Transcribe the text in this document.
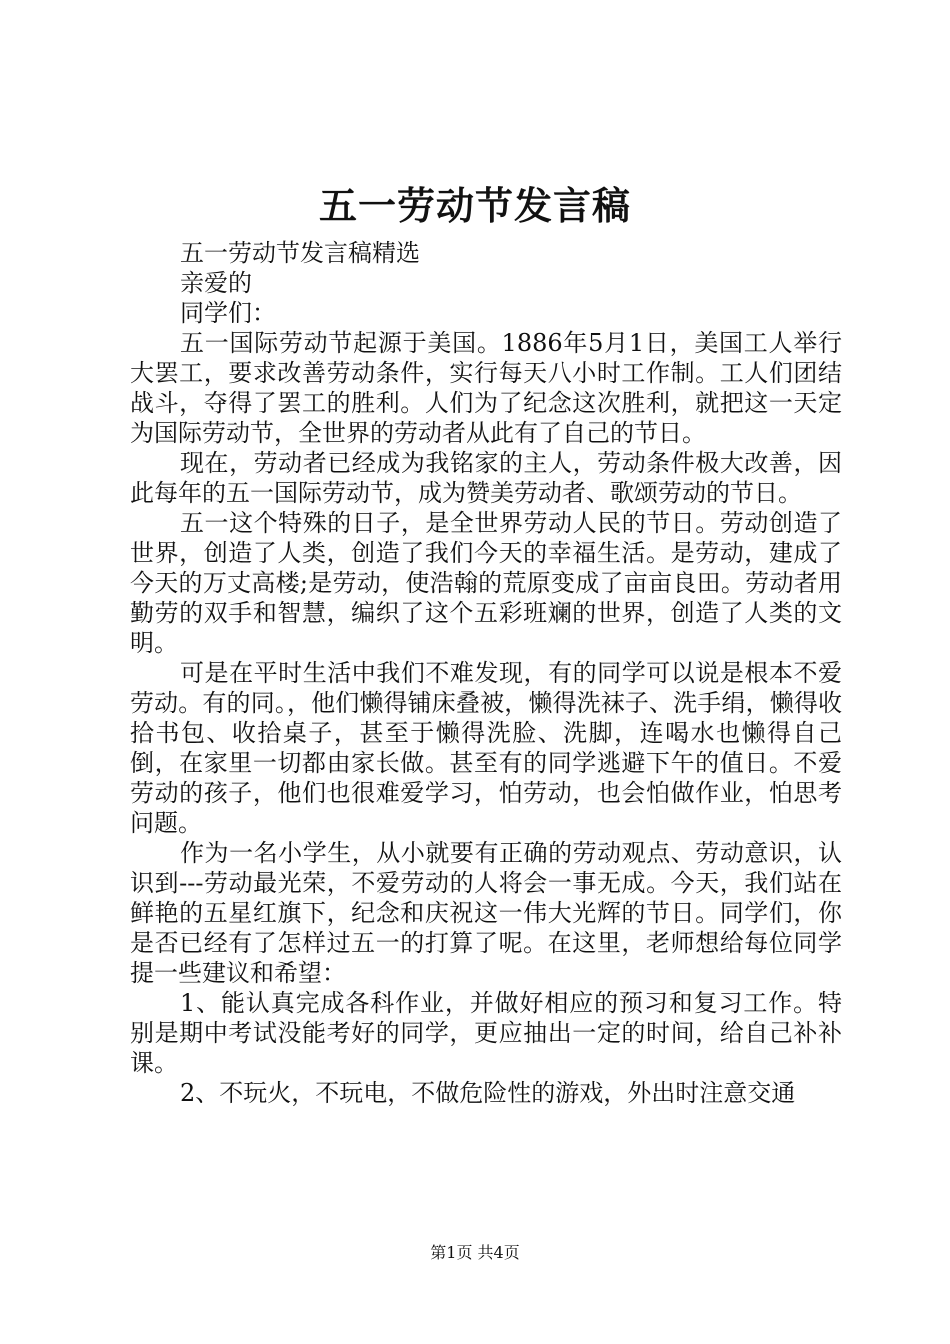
五一劳动节发言稿

五一劳动节发言稿精选

亲爱的

同学们：

五一国际劳动节起源于美国。1886年5月1日，美国工人举行大罢工，要求改善劳动条件，实行每天八小时工作制。工人们团结战斗，夺得了罢工的胜利。人们为了纪念这次胜利，就把这一天定为国际劳动节，全世界的劳动者从此有了自己的节日。

现在，劳动者已经成为我铭家的主人，劳动条件极大改善，因此每年的五一国际劳动节，成为赞美劳动者、歌颂劳动的节日。

五一这个特殊的日子，是全世界劳动人民的节日。劳动创造了世界，创造了人类，创造了我们今天的幸福生活。是劳动，建成了今天的万丈高楼;是劳动，使浩翰的荒原变成了亩亩良田。劳动者用勤劳的双手和智慧，编织了这个五彩班斓的世界，创造了人类的文明。

可是在平时生活中我们不难发现，有的同学可以说是根本不爱劳动。有的同。，他们懒得铺床叠被，懒得洗袜子、洗手绢，懒得收拾书包、收拾桌子，甚至于懒得洗脸、洗脚，连喝水也懒得自己倒，在家里一切都由家长做。甚至有的同学逃避下午的值日。不爱劳动的孩子，他们也很难爱学习，怕劳动，也会怕做作业，怕思考问题。

作为一名小学生，从小就要有正确的劳动观点、劳动意识，认识到---劳动最光荣，不爱劳动的人将会一事无成。今天，我们站在鲜艳的五星红旗下，纪念和庆祝这一伟大光辉的节日。同学们，你是否已经有了怎样过五一的打算了呢。在这里，老师想给每位同学提一些建议和希望：

1、能认真完成各科作业，并做好相应的预习和复习工作。特别是期中考试没能考好的同学，更应抽出一定的时间，给自己补补课。

2、不玩火，不玩电，不做危险性的游戏，外出时注意交通

第1页 共4页
